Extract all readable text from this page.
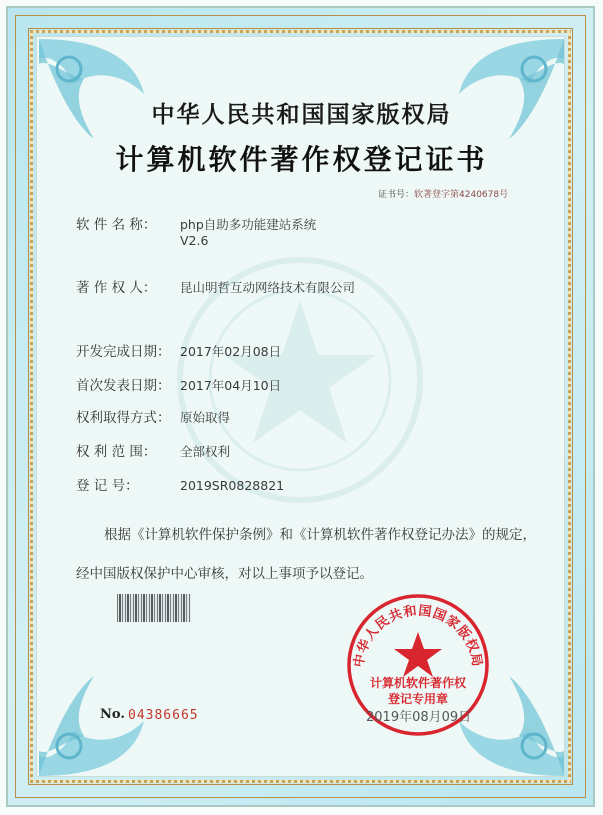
中华人民共和国国家版权局
计算机软件著作权登记证书
证书号：软著登字第4240678号
软 件 名 称： php自助多功能建站系统
V2.6
著 作 权 人： 昆山明哲互动网络技术有限公司
开发完成日期： 2017年02月08日
首次发表日期： 2017年04月10日
权利取得方式： 原始取得
权 利 范 围： 全部权利
登 记 号：	2019SR0828821
根据《计算机软件保护条例》和《计算机软件著作权登记办法》的规定，经中国版权保护中心审核，对以上事项予以登记。
中华人民共和国国家版权局
计算机软件著作权
登记专用章
No. 04386665	2019年08月09日
